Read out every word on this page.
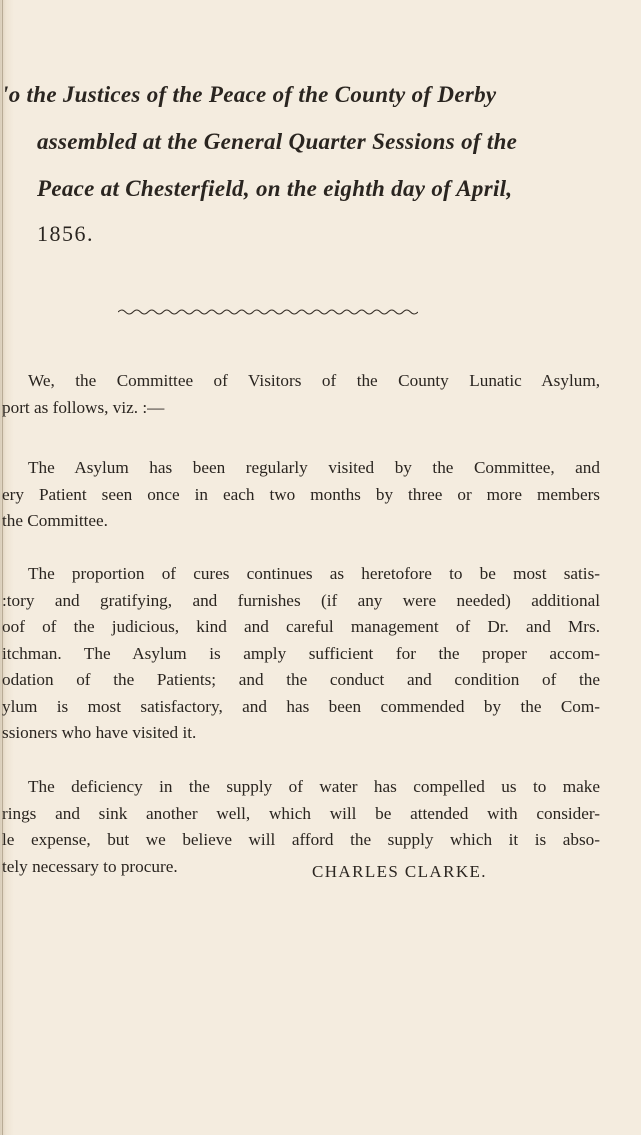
'o the Justices of the Peace of the County of Derby
assembled at the General Quarter Sessions of the
Peace at Chesterfield, on the eighth day of April,
1856.
We, the Committee of Visitors of the County Lunatic Asylum,
port as follows, viz. :—
The Asylum has been regularly visited by the Committee, and
ery Patient seen once in each two months by three or more members
the Committee.
The proportion of cures continues as heretofore to be most satis-
:tory and gratifying, and furnishes (if any were needed) additional
oof of the judicious, kind and careful management of Dr. and Mrs.
itchman. The Asylum is amply sufficient for the proper accom-
odation of the Patients; and the conduct and condition of the
ylum is most satisfactory, and has been commended by the Com-
ssioners who have visited it.
The deficiency in the supply of water has compelled us to make
rings and sink another well, which will be attended with consider-
le expense, but we believe will afford the supply which it is abso-
tely necessary to procure.	CHARLES CLARKE.
